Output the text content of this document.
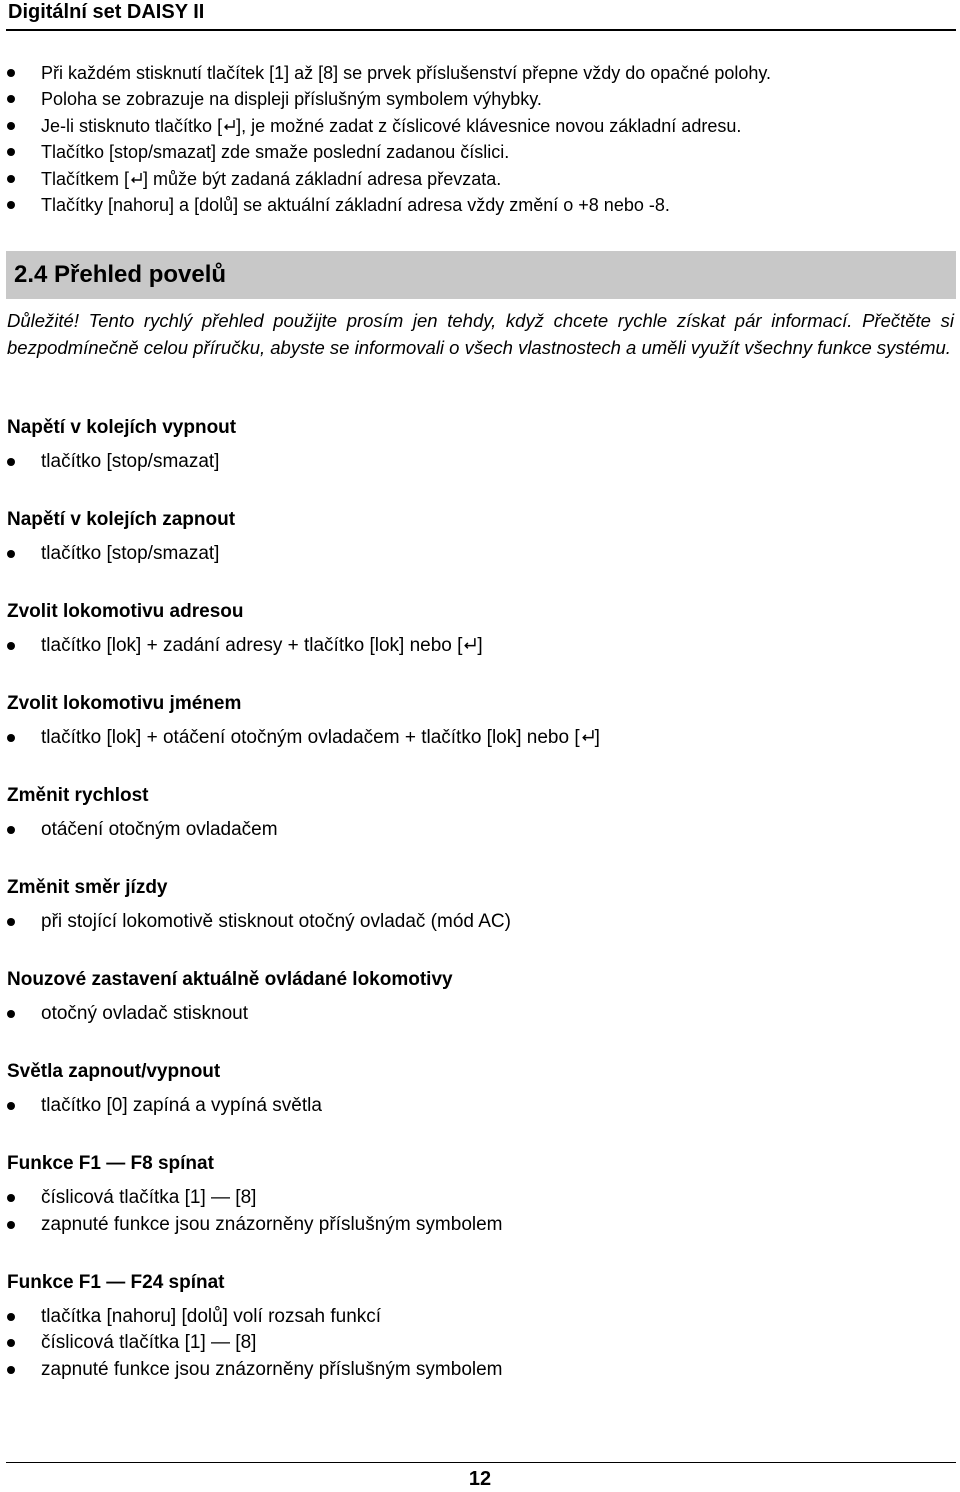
Digitální set DAISY II
Při každém stisknutí tlačítek [1] až [8] se prvek příslušenství přepne vždy do opačné polohy.
Poloha se zobrazuje na displeji příslušným symbolem výhybky.
Je-li stisknuto tlačítko [ ], je možné zadat z číslicové klávesnice novou základní adresu.
Tlačítko [stop/smazat] zde smaže poslední zadanou číslici.
Tlačítkem [ ] může být zadaná základní adresa převzata.
Tlačítky [nahoru] a [dolů] se aktuální základní adresa vždy změní o +8 nebo -8.
2.4 Přehled povelů
Důležité! Tento rychlý přehled použijte prosím jen tehdy, když chcete rychle získat pár informací. Přečtěte si bezpodmínečně celou příručku, abyste se informovali o všech vlastnostech a uměli využít všechny funkce systému.
Napětí v kolejích vypnout
tlačítko [stop/smazat]
Napětí v kolejích zapnout
tlačítko [stop/smazat]
Zvolit lokomotivu adresou
tlačítko [lok] + zadání adresy + tlačítko [lok] nebo [ ]
Zvolit lokomotivu jménem
tlačítko [lok] + otáčení otočným ovladačem + tlačítko [lok] nebo [ ]
Změnit rychlost
otáčení otočným ovladačem
Změnit směr jízdy
při stojící lokomotivě stisknout otočný ovladač (mód AC)
Nouzové zastavení aktuálně ovládané lokomotivy
otočný ovladač stisknout
Světla zapnout/vypnout
tlačítko [0] zapíná a vypíná světla
Funkce F1 — F8 spínat
číslicová tlačítka [1] — [8]
zapnuté funkce jsou znázorněny příslušným symbolem
Funkce F1 — F24 spínat
tlačítka [nahoru] [dolů] volí rozsah funkcí
číslicová tlačítka [1] — [8]
zapnuté funkce jsou znázorněny příslušným symbolem
12
